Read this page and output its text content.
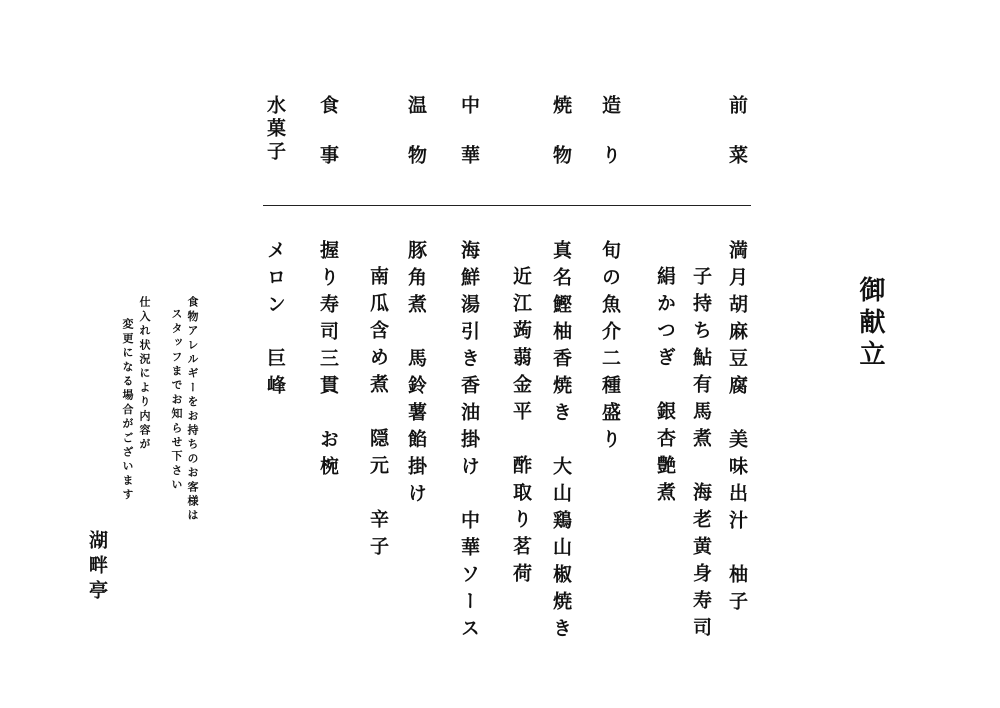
御献立
前菜
造り
焼物
中華
温物
食事
水菓子
満月胡麻豆腐　美味出汁　柚子
子持ち鮎有馬煮　海老黄身寿司
絹かつぎ　銀杏艶煮
旬の魚介二種盛り
真名鰹柚香焼き　大山鶏山椒焼き
近江蒟蒻金平　酢取り茗荷
海鮮湯引き香油掛け　中華ソース
豚角煮　馬鈴薯餡掛け
南瓜含め煮　隠元　辛子
握り寿司三貫　お椀
メロン　巨峰
食物アレルギーをお持ちのお客様は
スタッフまでお知らせ下さい
仕入れ状況により内容が
変更になる場合がございます
湖畔亭
